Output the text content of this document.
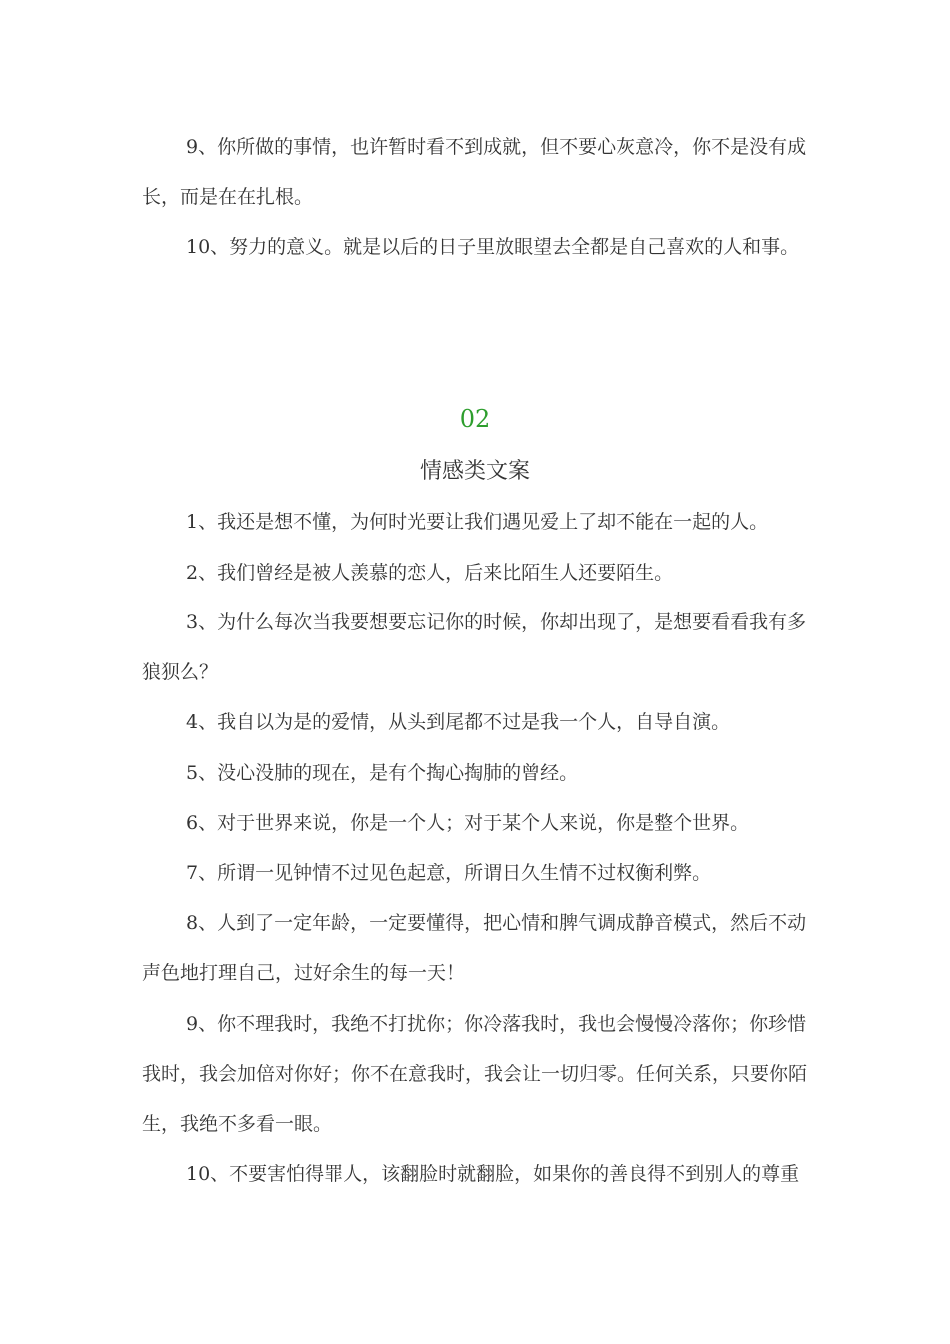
9、你所做的事情，也许暂时看不到成就，但不要心灰意冷，你不是没有成长，而是在在扎根。

10、努力的意义。就是以后的日子里放眼望去全都是自己喜欢的人和事。

02

情感类文案

1、我还是想不懂，为何时光要让我们遇见爱上了却不能在一起的人。

2、我们曾经是被人羡慕的恋人，后来比陌生人还要陌生。

3、为什么每次当我要想要忘记你的时候，你却出现了，是想要看看我有多狼狈么？

4、我自以为是的爱情，从头到尾都不过是我一个人，自导自演。

5、没心没肺的现在，是有个掏心掏肺的曾经。

6、对于世界来说，你是一个人；对于某个人来说，你是整个世界。

7、所谓一见钟情不过见色起意，所谓日久生情不过权衡利弊。

8、人到了一定年龄，一定要懂得，把心情和脾气调成静音模式，然后不动声色地打理自己，过好余生的每一天！

9、你不理我时，我绝不打扰你；你冷落我时，我也会慢慢冷落你；你珍惜我时，我会加倍对你好；你不在意我时，我会让一切归零。任何关系，只要你陌生，我绝不多看一眼。

10、不要害怕得罪人，该翻脸时就翻脸，如果你的善良得不到别人的尊重
